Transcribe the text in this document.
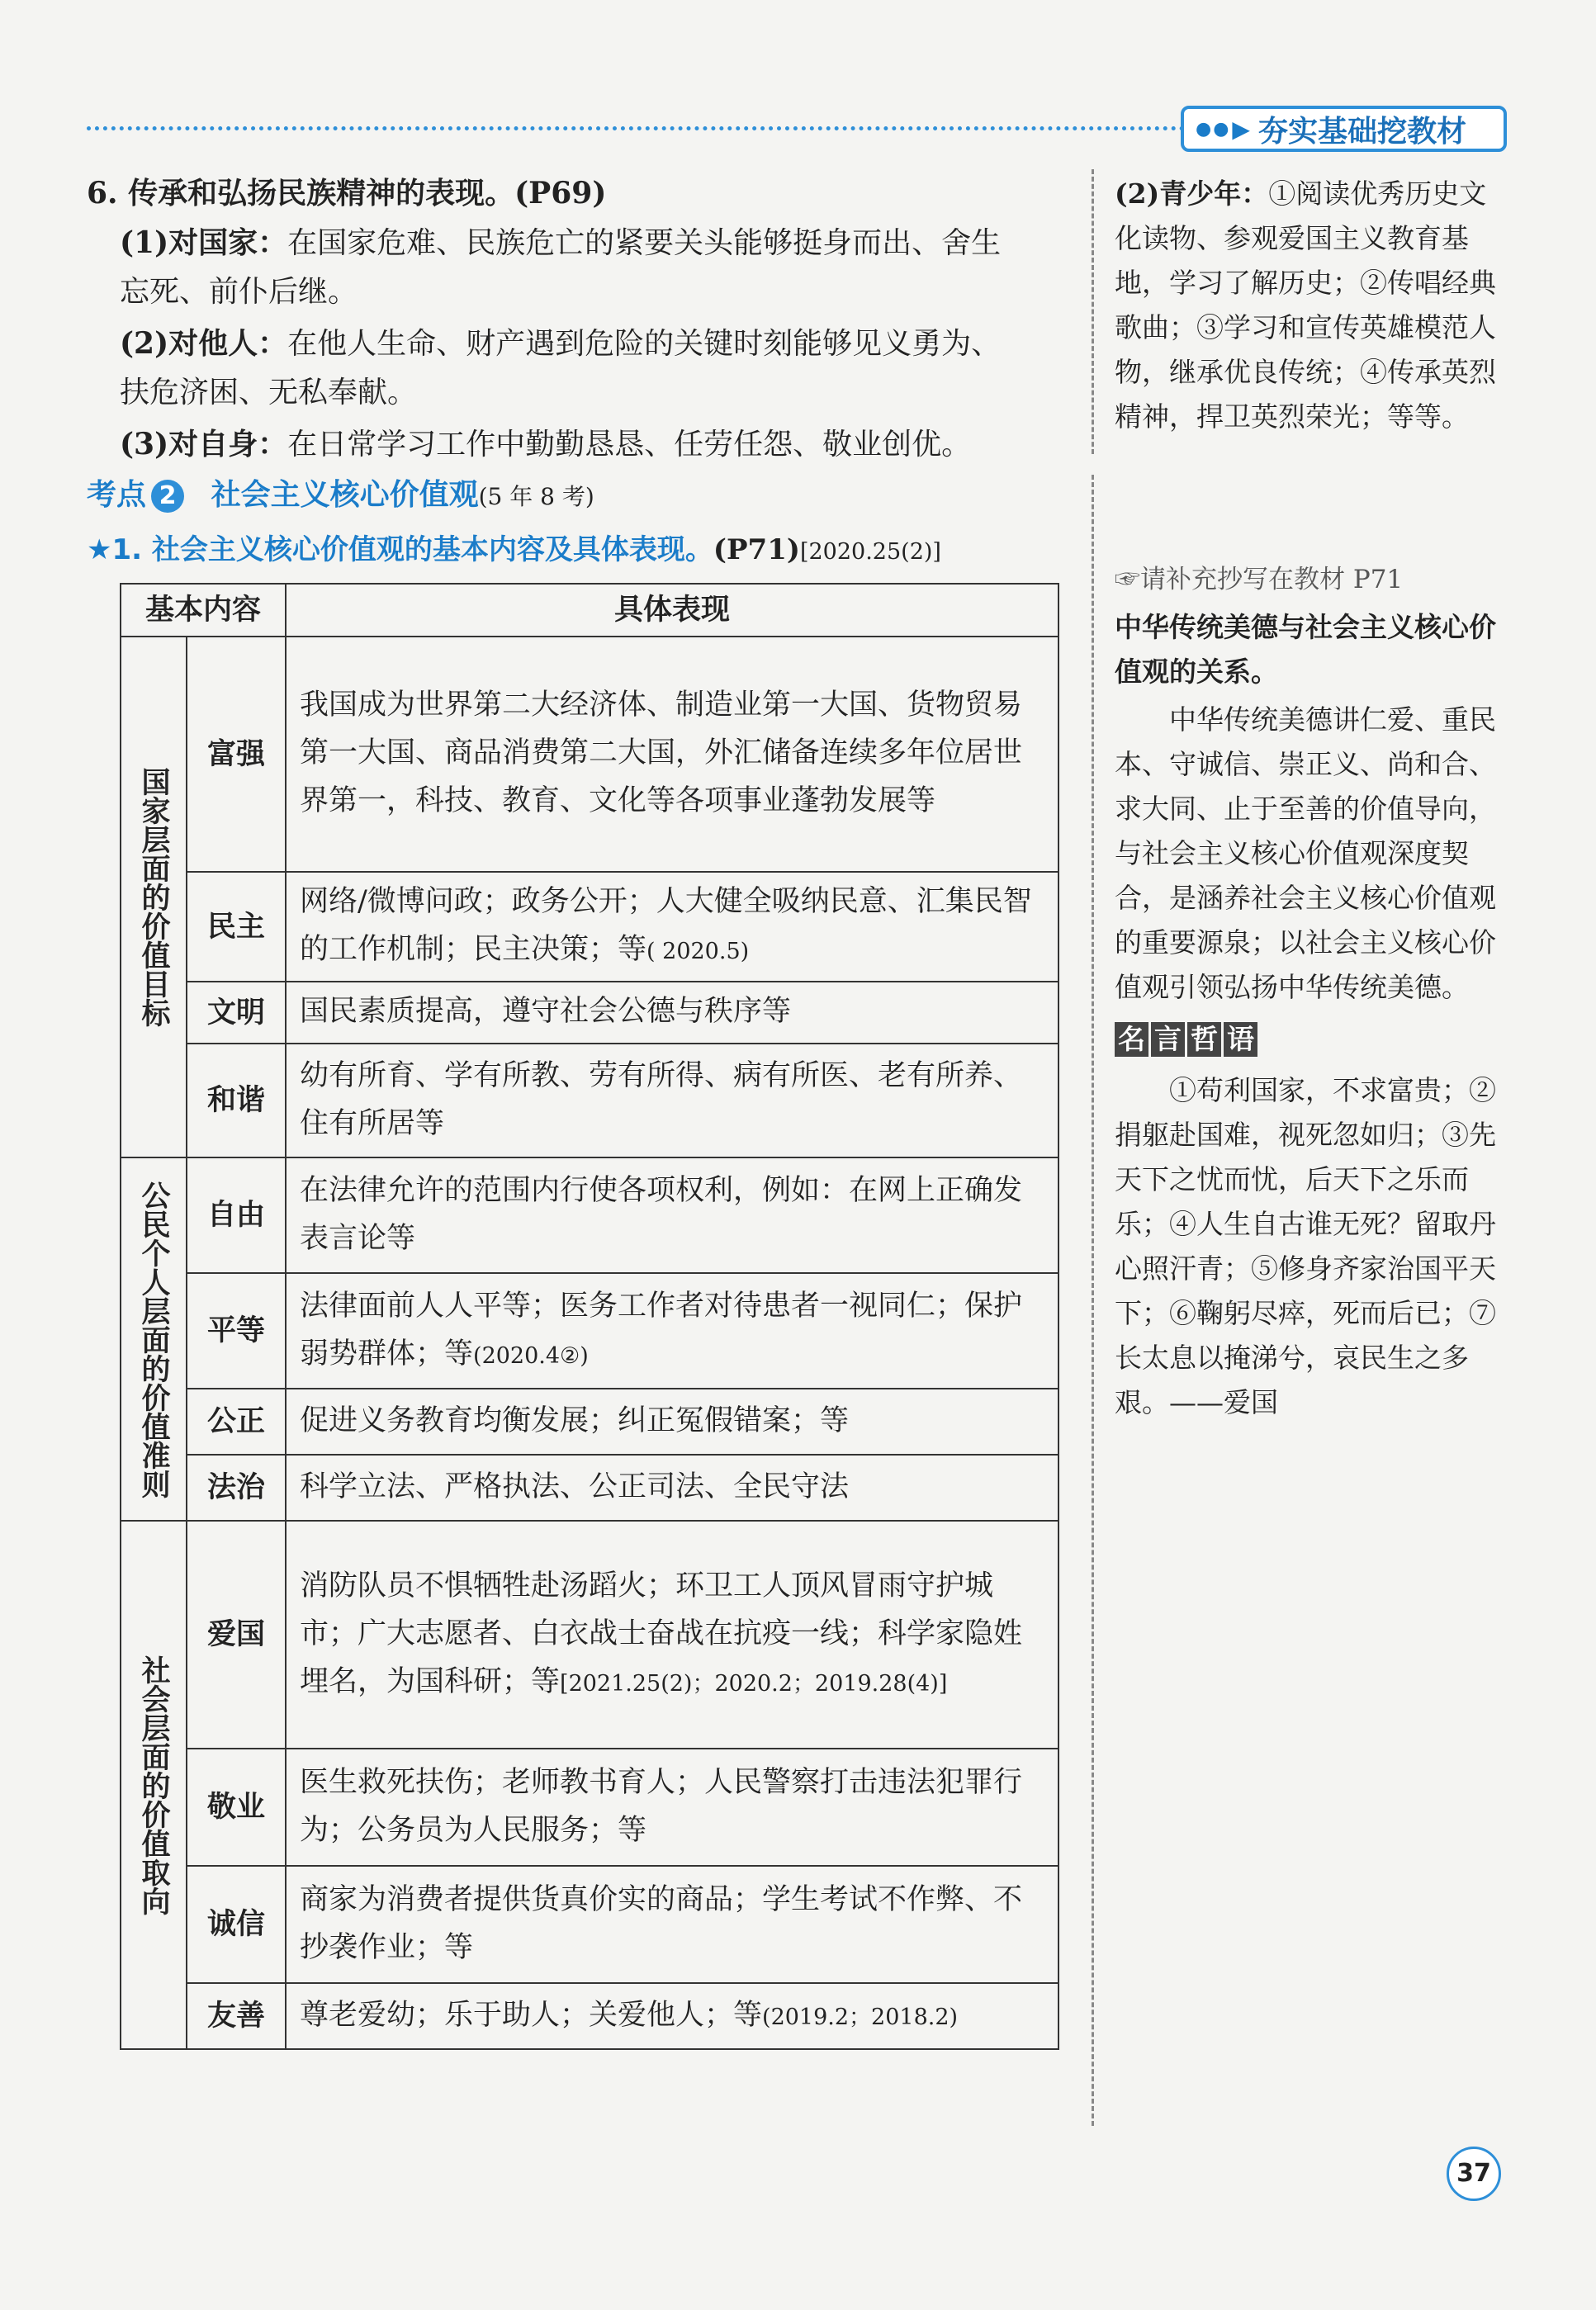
●● ▶ 夯实基础挖教材
6. 传承和弘扬民族精神的表现。(P69)
(1)对国家：在国家危难、民族危亡的紧要关头能够挺身而出、舍生
忘死、前仆后继。
(2)对他人：在他人生命、财产遇到危险的关键时刻能够见义勇为、
扶危济困、无私奉献。
(3)对自身：在日常学习工作中勤勤恳恳、任劳任怨、敬业创优。
考点 2 社会主义核心价值观(5 年 8 考)
★1. 社会主义核心价值观的基本内容及具体表现。(P71)[2020.25(2)]
基本内容		具体表现
国家层面的价值目标	富强	我国成为世界第二大经济体、制造业第一大国、货物贸易第一大国、商品消费第二大国，外汇储备连续多年位居世界第一，科技、教育、文化等各项事业蓬勃发展等
	民主	网络/微博问政；政务公开；人大健全吸纳民意、汇集民智的工作机制；民主决策；等( 2020.5)
	文明	国民素质提高，遵守社会公德与秩序等
	和谐	幼有所育、学有所教、劳有所得、病有所医、老有所养、住有所居等
公民个人层面的价值准则	自由	在法律允许的范围内行使各项权利，例如：在网上正确发表言论等
	平等	法律面前人人平等；医务工作者对待患者一视同仁；保护弱势群体；等(2020.4②)
	公正	促进义务教育均衡发展；纠正冤假错案；等
	法治	科学立法、严格执法、公正司法、全民守法
社会层面的价值取向	爱国	消防队员不惧牺牲赴汤蹈火；环卫工人顶风冒雨守护城市；广大志愿者、白衣战士奋战在抗疫一线；科学家隐姓埋名，为国科研；等[2021.25(2)；2020.2；2019.28(4)]
	敬业	医生救死扶伤；老师教书育人；人民警察打击违法犯罪行为；公务员为人民服务；等
	诚信	商家为消费者提供货真价实的商品；学生考试不作弊、不抄袭作业；等
	友善	尊老爱幼；乐于助人；关爱他人；等(2019.2；2018.2)

(2)青少年：①阅读优秀历史文化读物、参观爱国主义教育基地，学习了解历史；②传唱经典歌曲；③学习和宣传英雄模范人物，继承优良传统；④传承英烈精神，捍卫英烈荣光；等等。

☞请补充抄写在教材 P71

中华传统美德与社会主义核心价值观的关系。

中华传统美德讲仁爱、重民本、守诚信、崇正义、尚和合、求大同、止于至善的价值导向，与社会主义核心价值观深度契合，是涵养社会主义核心价值观的重要源泉；以社会主义核心价值观引领弘扬中华传统美德。

名 言 哲 语

①苟利国家，不求富贵；②捐躯赴国难，视死忽如归；③先天下之忧而忧，后天下之乐而乐；④人生自古谁无死？留取丹心照汗青；⑤修身齐家治国平天下；⑥鞠躬尽瘁，死而后已；⑦长太息以掩涕兮，哀民生之多艰。——爱国

37
